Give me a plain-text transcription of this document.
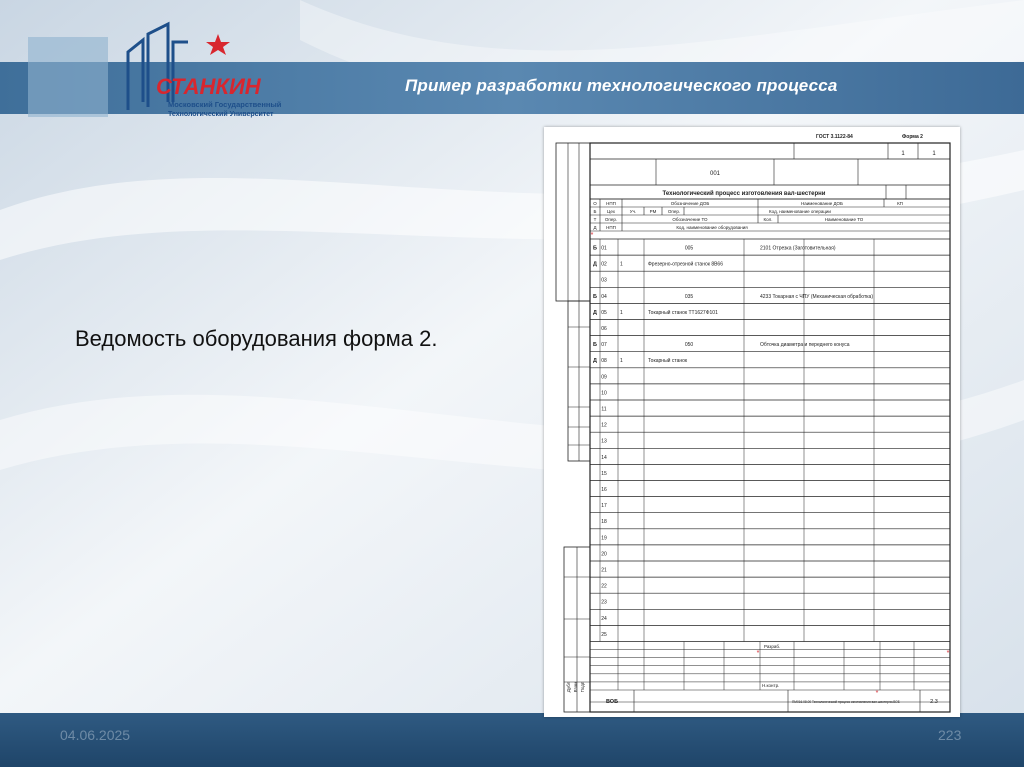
СТАНКИН
Московский Государственный
Технологический Университет
Пример разработки технологического процесса
Ведомость оборудования форма 2.
04.06.2025	223
ГОСТ 3.1122-84	Форма 2
1	1
001
Технологический процесс изготовления вал-шестерни
О НПП	Обозначение ДОБ	Наименование ДОБ	КП
Б Цех	Уч.	РМ	Опер.	Код, наименование операции
Т Опер.	Обозначение ТО	Кол.	Наименование ТО
Д НПП	Код, наименование оборудования
Б 01	005	2101 Отрезка (Заготовительная)
Д 02	1	Фрезерно-отрезной станок 8В66
03
Б 04	035	4233 Токарная с ЧПУ (Механическая обработка)
Д 05	1	Токарный станок ТТ1627Ф101
06
Б 07	050	Обточка диаметра и переднего конуса
Д 08	1	Токарный станок
09
10
11
12
13
14
15
16
17
18
19
20
21
22
23
24
25
Разраб.
Н.контр.
Дубл Взам Подп
ВОБ	ПМ016.08.00 Технологический процесс изготовления вал-шестерни.ВОБ	2.3
*
*	*
*
